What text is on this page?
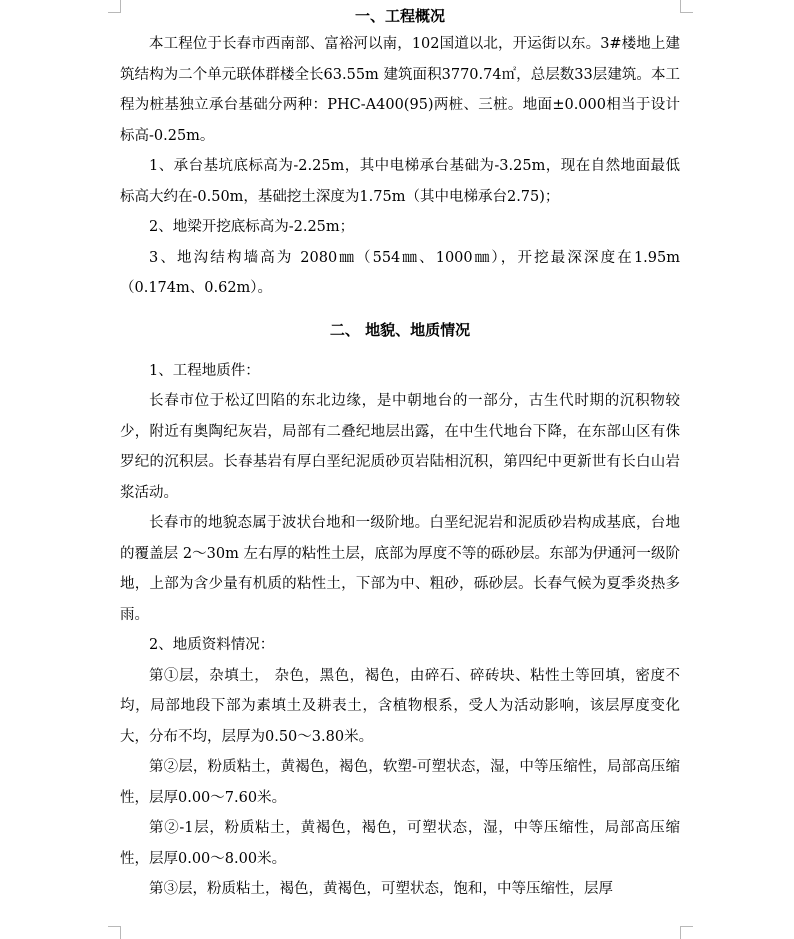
一、工程概况

本工程位于长春市西南部、富裕河以南，102国道以北，开运街以东。3#楼地上建筑结构为二个单元联体群楼全长63.55m 建筑面积3770.74㎡，总层数33层建筑。本工程为桩基独立承台基础分两种：PHC-A400(95)两桩、三桩。地面±0.000相当于设计标高-0.25m。

1、承台基坑底标高为-2.25m，其中电梯承台基础为-3.25m，现在自然地面最低标高大约在-0.50m，基础挖土深度为1.75m（其中电梯承台2.75)；

2、地梁开挖底标高为-2.25m；

3、地沟结构墙高为 2080㎜（554㎜、1000㎜），开挖最深深度在1.95m（0.174m、0.62m）。

二、 地貌、地质情况

1、工程地质件：

长春市位于松辽凹陷的东北边缘，是中朝地台的一部分，古生代时期的沉积物较少，附近有奥陶纪灰岩，局部有二叠纪地层出露，在中生代地台下降，在东部山区有侏罗纪的沉积层。长春基岩有厚白垩纪泥质砂页岩陆相沉积，第四纪中更新世有长白山岩浆活动。

长春市的地貌态属于波状台地和一级阶地。白垩纪泥岩和泥质砂岩构成基底，台地的覆盖层 2～30m 左右厚的粘性土层，底部为厚度不等的砾砂层。东部为伊通河一级阶地，上部为含少量有机质的粘性土，下部为中、粗砂，砾砂层。长春气候为夏季炎热多雨。

2、地质资料情况：

第①层，杂填土， 杂色，黑色，褐色，由碎石、碎砖块、粘性土等回填，密度不均，局部地段下部为素填土及耕表土，含植物根系，受人为活动影响，该层厚度变化大，分布不均，层厚为0.50～3.80米。

第②层，粉质粘土，黄褐色，褐色，软塑-可塑状态，湿，中等压缩性，局部高压缩性，层厚0.00～7.60米。

第②-1层，粉质粘土，黄褐色，褐色，可塑状态，湿，中等压缩性，局部高压缩性，层厚0.00～8.00米。

第③层，粉质粘土，褐色，黄褐色，可塑状态，饱和，中等压缩性，层厚
